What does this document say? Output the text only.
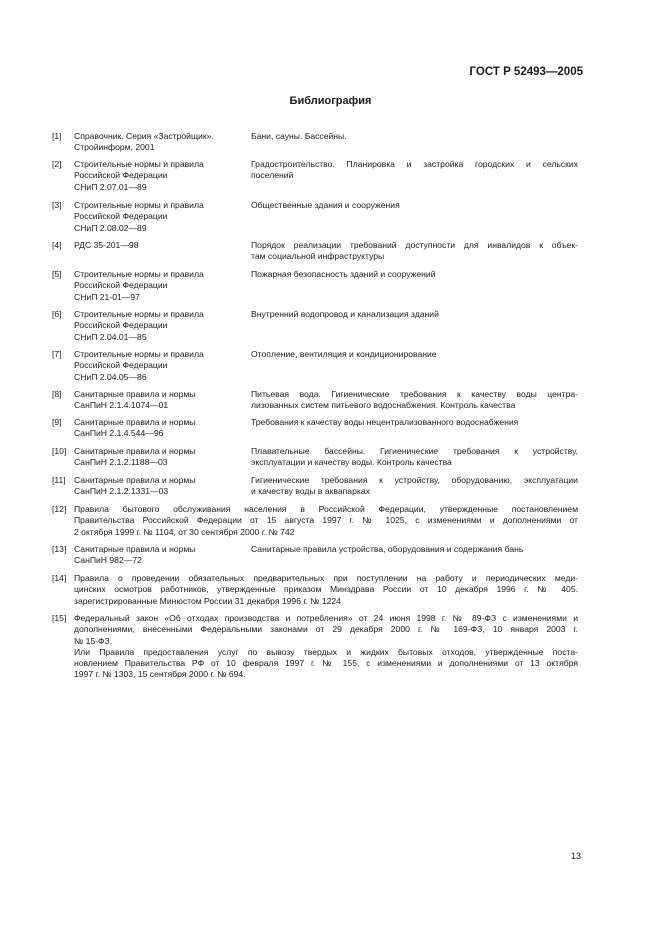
ГОСТ Р 52493—2005
Библиография
[1] Справочник. Серия «Застройщик».
Стройинформ, 2001
Бани, сауны. Бассейны.
[2] Строительные нормы и правила
Российской Федерации
СНиП 2.07.01—89
Градостроительство. Планировка и застройка городских и сельских
поселений
[3] Строительные нормы и правила
Российской Федерации
СНиП 2.08.02—89
Общественные здания и сооружения
[4] РДС 35-201—98	Порядок реализации требований доступности для инвалидов к объек-
там социальной инфраструктуры
[5] Строительные нормы и правила
Российской Федерации
СНиП 21-01—97
Пожарная безопасность зданий и сооружений
[6] Строительные нормы и правила
Российской Федерации
СНиП 2.04.01—85
Внутренний водопровод и канализация зданий
[7] Строительные нормы и правила
Российской Федерации
СНиП 2.04.05—86
Отопление, вентиляция и кондиционирование
[8] Санитарные правила и нормы
СанПиН 2.1.4.1074—01
Питьевая вода. Гигиенические требования к качеству воды центра-
лизованных систем питьевого водоснабжения. Контроль качества
[9] Санитарные правила и нормы
СанПиН 2.1.4.544—96
Требования к качеству воды нецентрализованного водоснабжения
[10] Санитарные правила и нормы
СанПиН 2.1.2.1188—03
Плавательные бассейны. Гигиенические требования к устройству,
эксплуатации и качеству воды. Контроль качества
[11] Санитарные правила и нормы
СанПиН 2.1.2.1331—03
Гигиенические требования к устройству, оборудованию, эксплуатации
и качеству воды в аквапарках
[12] Правила бытового обслуживания населения в Российской Федерации, утвержденные постановлением
Правительства Российской Федерации от 15 августа 1997 г. № 1025, с изменениями и дополнениями от
2 октября 1999 г. № 1104, от 30 сентября 2000 г. № 742
[13] Санитарные правила и нормы
СанПиН 982—72
Санитарные правила устройства, оборудования и содержания бань
[14] Правила о проведении обязательных предварительных при поступлении на работу и периодических меди-
цинских осмотров работников, утвержденные приказом Минздрава России от 10 декабря 1996 г. № 405.
зарегистрированные Минюстом России 31 декабря 1996 г. № 1224
[15] Федеральный закон «Об отходах производства и потребления» от 24 июня 1998 г. № 89-ФЗ с изменениями и
дополнениями, внесенными Федеральными законами от 29 декабря 2000 г. № 169-ФЗ, 10 января 2003 г.
№ 15-ФЗ.
Или Правила предоставления услуг по вывозу твердых и жидких бытовых отходов, утвержденные поста-
новлением Правительства РФ от 10 февраля 1997 г. № 155, с изменениями и дополнениями от 13 октября
1997 г. № 1303, 15 сентября 2000 г. № 694.
13
